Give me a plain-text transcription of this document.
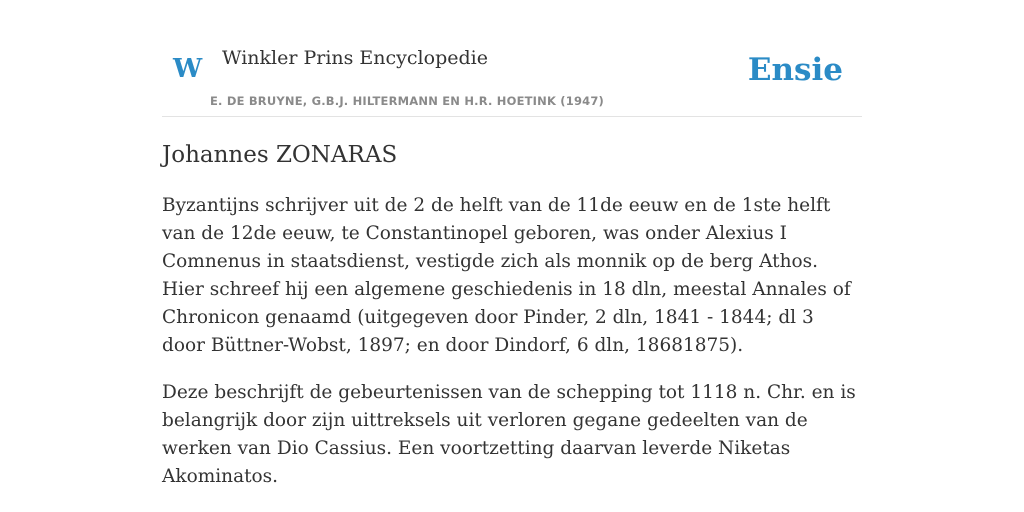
W Winkler Prins Encyclopedie
E. DE BRUYNE, G.B.J. HILTERMANN EN H.R. HOETINK (1947)
Ensie
Johannes ZONARAS

Byzantijns schrijver uit de 2 de helft van de 11de eeuw en de 1ste helft van de 12de eeuw, te Constantinopel geboren, was onder Alexius I Comnenus in staatsdienst, vestigde zich als monnik op de berg Athos. Hier schreef hij een algemene geschiedenis in 18 dln, meestal Annales of Chronicon genaamd (uitgegeven door Pinder, 2 dln, 1841 - 1844; dl 3 door Büttner-Wobst, 1897; en door Dindorf, 6 dln, 18681875).

Deze beschrijft de gebeurtenissen van de schepping tot 1118 n. Chr. en is belangrijk door zijn uittreksels uit verloren gegane gedeelten van de werken van Dio Cassius. Een voortzetting daarvan leverde Niketas Akominatos.
